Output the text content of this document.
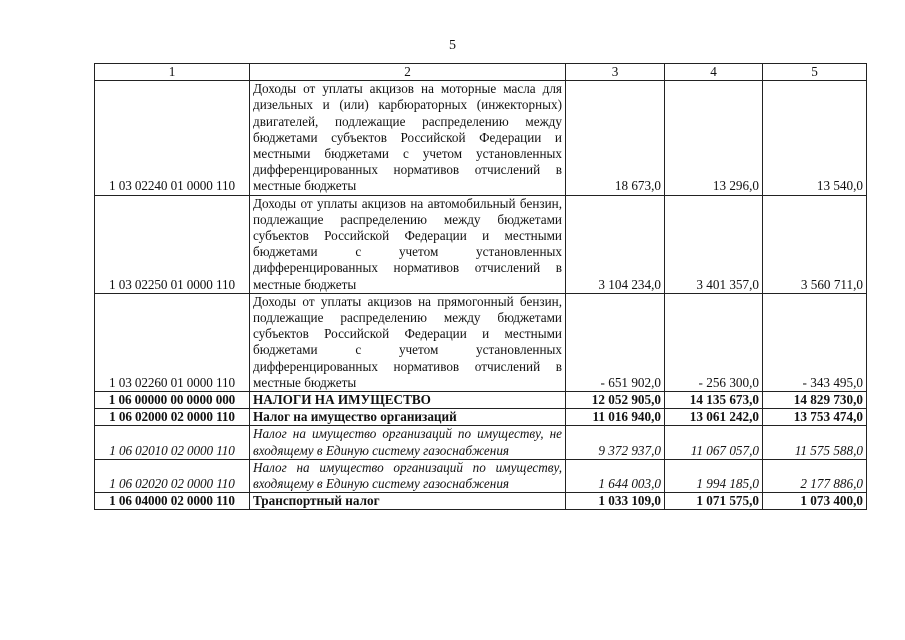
5
1	2	3	4	5
1 03 02240 01 0000 110	Доходы от уплаты акцизов на моторные масла для дизельных и (или) карбюраторных (инжекторных) двигателей, подлежащие распределению между бюджетами субъектов Российской Федерации и местными бюджетами с учетом установленных дифференцированных нормативов отчислений в местные бюджеты	18 673,0	13 296,0	13 540,0
1 03 02250 01 0000 110	Доходы от уплаты акцизов на автомобильный бензин, подлежащие распределению между бюджетами субъектов Российской Федерации и местными бюджетами с учетом установленных дифференцированных нормативов отчислений в местные бюджеты	3 104 234,0	3 401 357,0	3 560 711,0
1 03 02260 01 0000 110	Доходы от уплаты акцизов на прямогонный бензин, подлежащие распределению между бюджетами субъектов Российской Федерации и местными бюджетами с учетом установленных дифференцированных нормативов отчислений в местные бюджеты	- 651 902,0	- 256 300,0	- 343 495,0
1 06 00000 00 0000 000	НАЛОГИ НА ИМУЩЕСТВО	12 052 905,0	14 135 673,0	14 829 730,0
1 06 02000 02 0000 110	Налог на имущество организаций	11 016 940,0	13 061 242,0	13 753 474,0
1 06 02010 02 0000 110	Налог на имущество организаций по имуществу, не входящему в Единую систему газоснабжения	9 372 937,0	11 067 057,0	11 575 588,0
1 06 02020 02 0000 110	Налог на имущество организаций по имуществу, входящему в Единую систему газоснабжения	1 644 003,0	1 994 185,0	2 177 886,0
1 06 04000 02 0000 110	Транспортный налог	1 033 109,0	1 071 575,0	1 073 400,0
